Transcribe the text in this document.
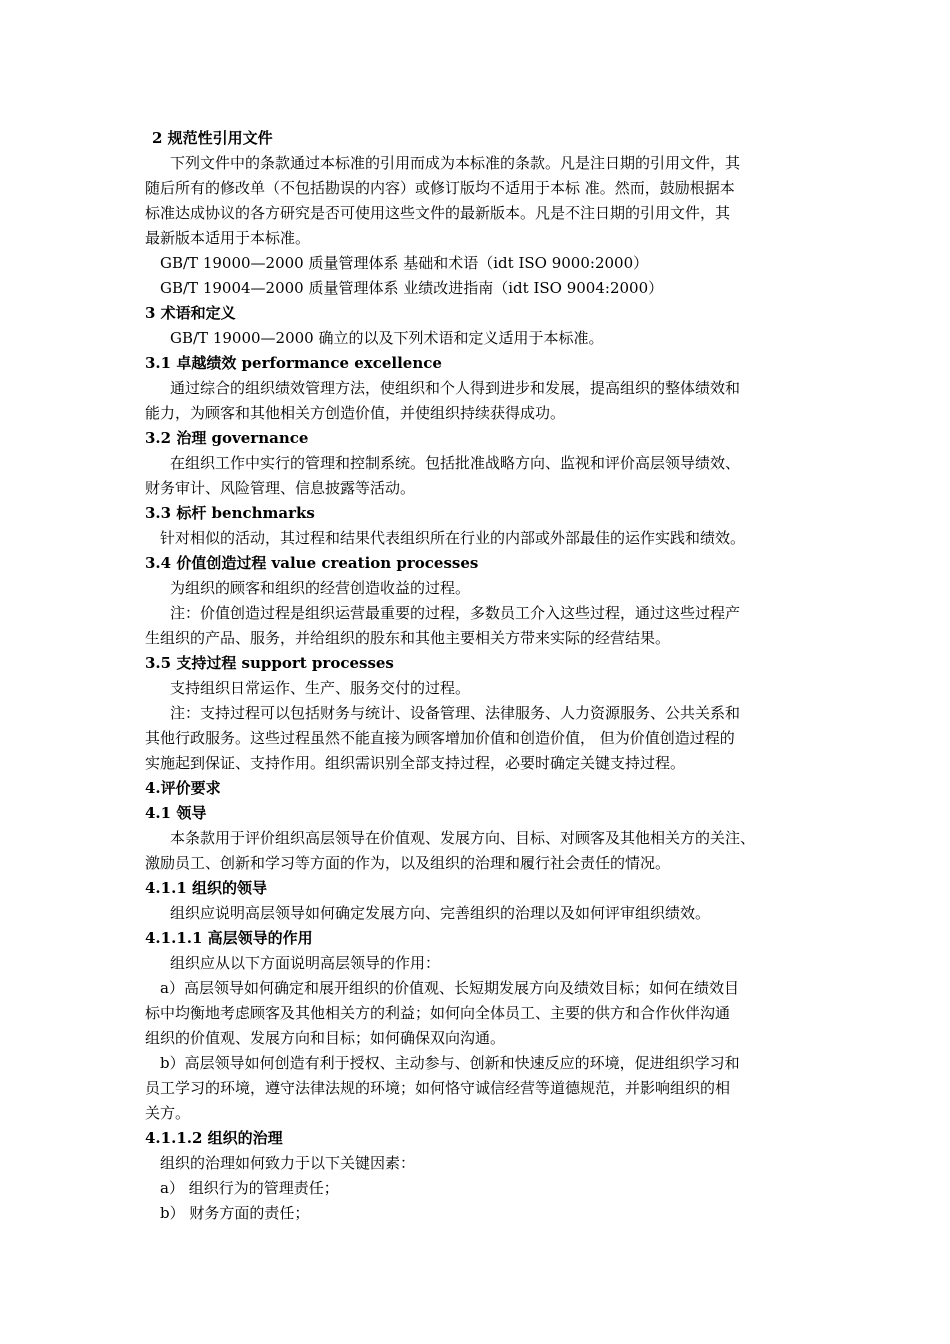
2 规范性引用文件
下列文件中的条款通过本标准的引用而成为本标准的条款。凡是注日期的引用文件，其
随后所有的修改单（不包括勘误的内容）或修订版均不适用于本标 准。然而，鼓励根据本
标准达成协议的各方研究是否可使用这些文件的最新版本。凡是不注日期的引用文件，其
最新版本适用于本标准。
GB/T 19000—2000 质量管理体系 基础和术语（idt ISO 9000:2000）
GB/T 19004—2000 质量管理体系 业绩改进指南（idt ISO 9004:2000）
3 术语和定义
GB/T 19000—2000 确立的以及下列术语和定义适用于本标准。
3.1 卓越绩效 performance excellence
通过综合的组织绩效管理方法，使组织和个人得到进步和发展，提高组织的整体绩效和
能力，为顾客和其他相关方创造价值，并使组织持续获得成功。
3.2 治理 governance
在组织工作中实行的管理和控制系统。包括批准战略方向、监视和评价高层领导绩效、
财务审计、风险管理、信息披露等活动。
3.3 标杆 benchmarks
针对相似的活动，其过程和结果代表组织所在行业的内部或外部最佳的运作实践和绩效。
3.4 价值创造过程 value creation processes
为组织的顾客和组织的经营创造收益的过程。
注：价值创造过程是组织运营最重要的过程，多数员工介入这些过程，通过这些过程产
生组织的产品、服务，并给组织的股东和其他主要相关方带来实际的经营结果。
3.5 支持过程 support processes
支持组织日常运作、生产、服务交付的过程。
注：支持过程可以包括财务与统计、设备管理、法律服务、人力资源服务、公共关系和
其他行政服务。这些过程虽然不能直接为顾客增加价值和创造价值， 但为价值创造过程的
实施起到保证、支持作用。组织需识别全部支持过程，必要时确定关键支持过程。
4.评价要求
4.1 领导
本条款用于评价组织高层领导在价值观、发展方向、目标、对顾客及其他相关方的关注、
激励员工、创新和学习等方面的作为，以及组织的治理和履行社会责任的情况。
4.1.1 组织的领导
组织应说明高层领导如何确定发展方向、完善组织的治理以及如何评审组织绩效。
4.1.1.1 高层领导的作用
组织应从以下方面说明高层领导的作用：
a）高层领导如何确定和展开组织的价值观、长短期发展方向及绩效目标；如何在绩效目
标中均衡地考虑顾客及其他相关方的利益；如何向全体员工、主要的供方和合作伙伴沟通
组织的价值观、发展方向和目标；如何确保双向沟通。
b）高层领导如何创造有利于授权、主动参与、创新和快速反应的环境，促进组织学习和
员工学习的环境，遵守法律法规的环境；如何恪守诚信经营等道德规范，并影响组织的相
关方。
4.1.1.2 组织的治理
组织的治理如何致力于以下关键因素：
a） 组织行为的管理责任；
b） 财务方面的责任；
